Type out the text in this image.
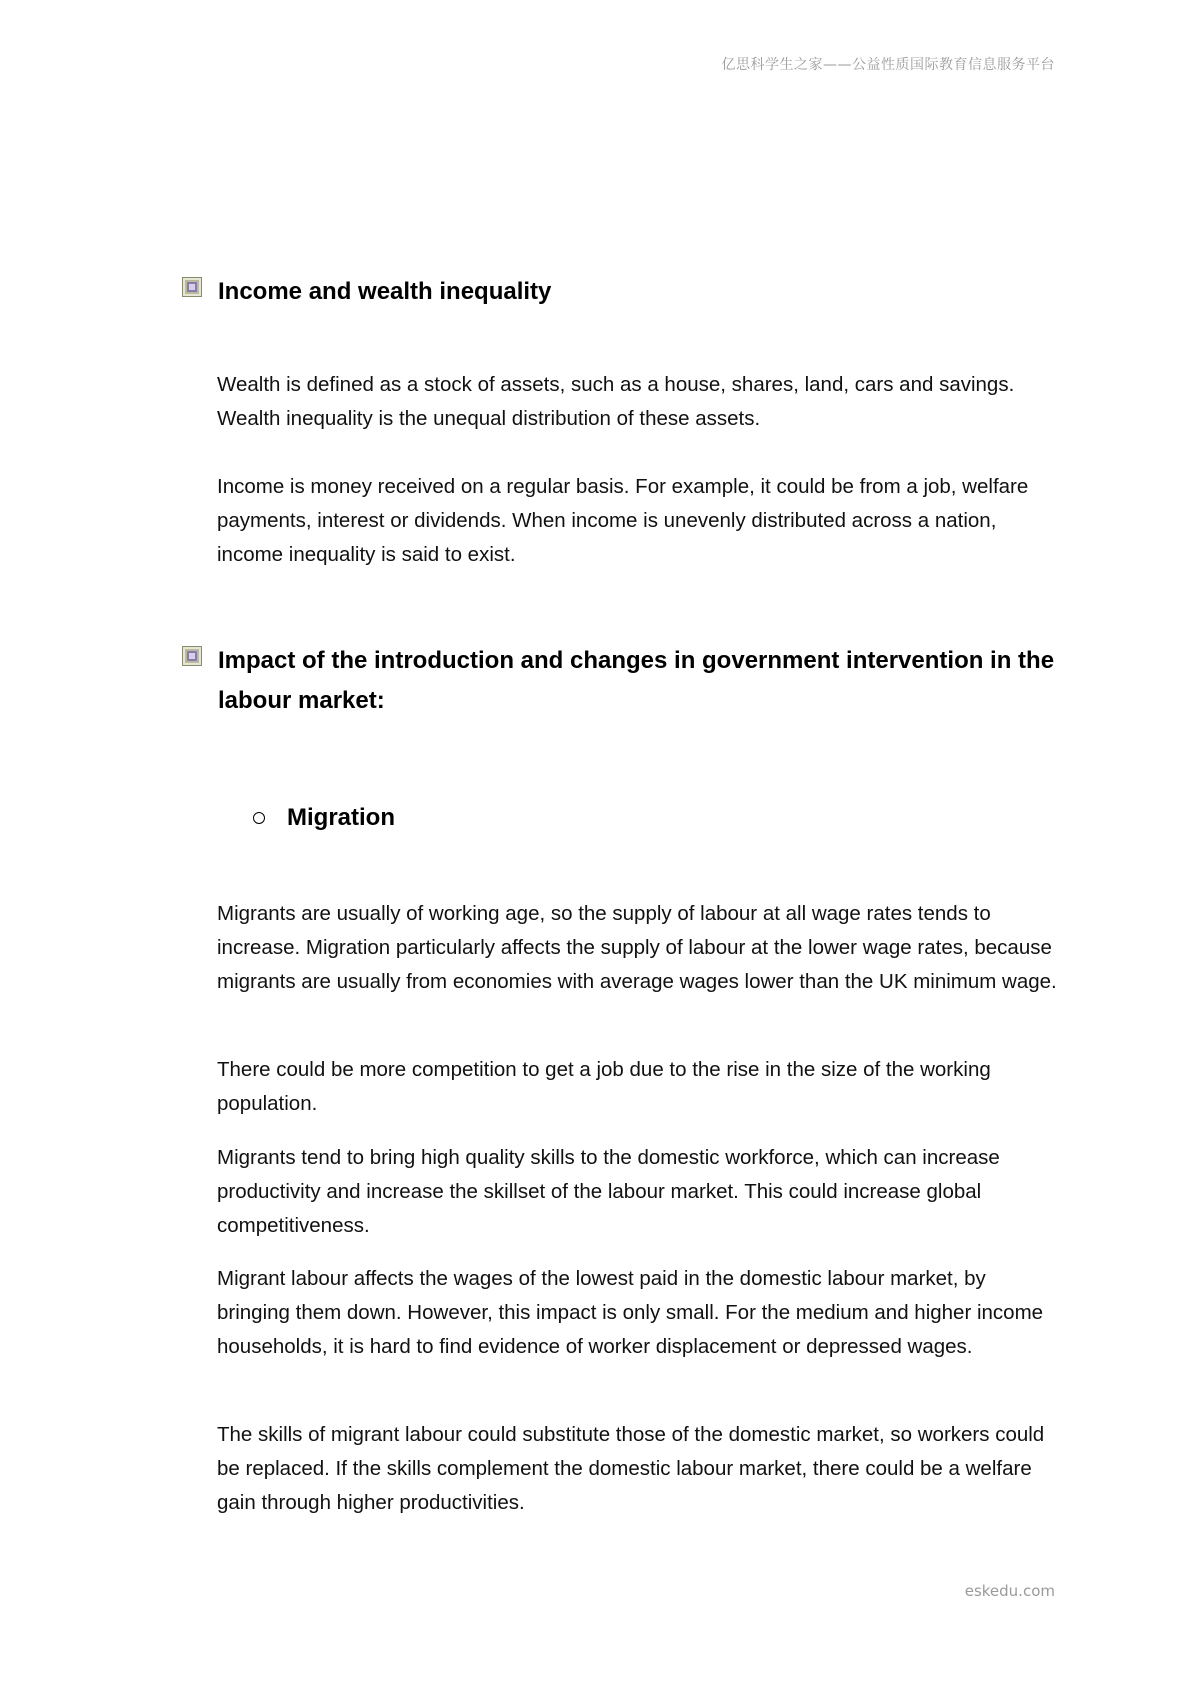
亿思科学生之家——公益性质国际教育信息服务平台
Income and wealth inequality

Wealth is defined as a stock of assets, such as a house, shares, land, cars and savings. Wealth inequality is the unequal distribution of these assets.

Income is money received on a regular basis. For example, it could be from a job, welfare payments, interest or dividends. When income is unevenly distributed across a nation, income inequality is said to exist.

Impact of the introduction and changes in government intervention in the labour market:
Migration

Migrants are usually of working age, so the supply of labour at all wage rates tends to increase. Migration particularly affects the supply of labour at the lower wage rates, because migrants are usually from economies with average wages lower than the UK minimum wage.

There could be more competition to get a job due to the rise in the size of the working population.

Migrants tend to bring high quality skills to the domestic workforce, which can increase productivity and increase the skillset of the labour market. This could increase global competitiveness.

Migrant labour affects the wages of the lowest paid in the domestic labour market, by bringing them down. However, this impact is only small. For the medium and higher income households, it is hard to find evidence of worker displacement or depressed wages.

The skills of migrant labour could substitute those of the domestic market, so workers could be replaced. If the skills complement the domestic labour market, there could be a welfare gain through higher productivities.

eskedu.com
